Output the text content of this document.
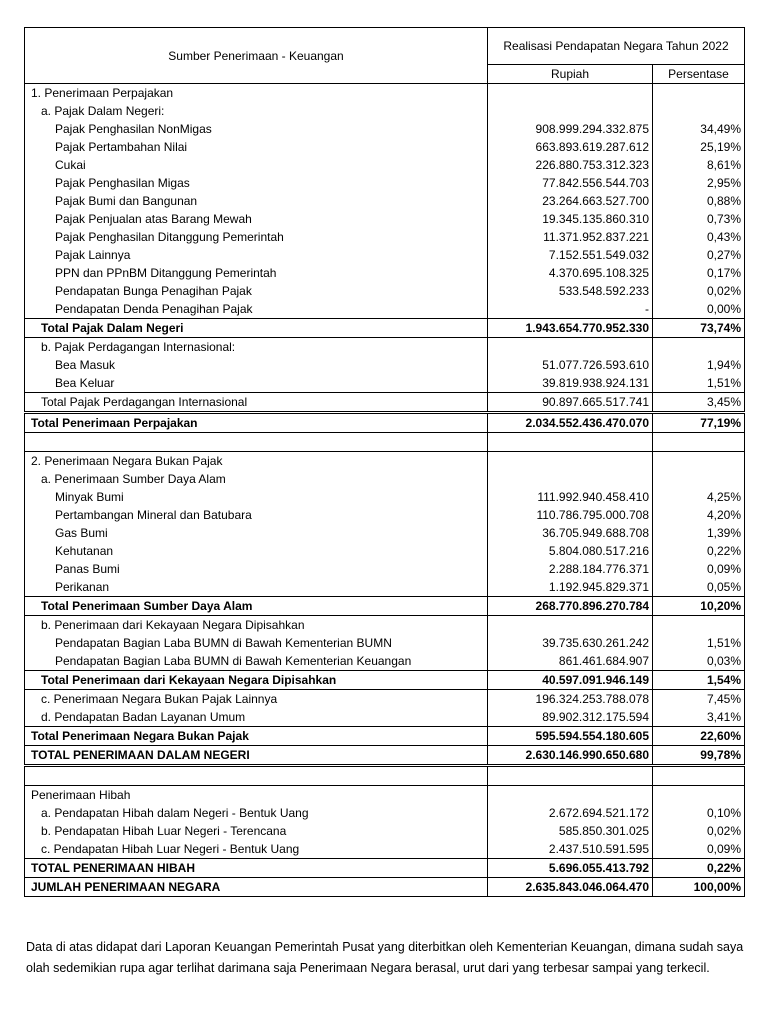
Sumber Penerimaan - Keuangan	Realisasi Pendapatan Negara Tahun 2022	
	Rupiah	Persentase
1. Penerimaan Perpajakan		
a. Pajak Dalam Negeri:		
Pajak Penghasilan NonMigas	908.999.294.332.875	34,49%
Pajak Pertambahan Nilai	663.893.619.287.612	25,19%
Cukai	226.880.753.312.323	8,61%
Pajak Penghasilan Migas	77.842.556.544.703	2,95%
Pajak Bumi dan Bangunan	23.264.663.527.700	0,88%
Pajak Penjualan atas Barang Mewah	19.345.135.860.310	0,73%
Pajak Penghasilan Ditanggung Pemerintah	11.371.952.837.221	0,43%
Pajak Lainnya	7.152.551.549.032	0,27%
PPN dan PPnBM Ditanggung Pemerintah	4.370.695.108.325	0,17%
Pendapatan Bunga Penagihan Pajak	533.548.592.233	0,02%
Pendapatan Denda Penagihan Pajak	-	0,00%
Total Pajak Dalam Negeri	1.943.654.770.952.330	73,74%
b. Pajak Perdagangan Internasional:		
Bea Masuk	51.077.726.593.610	1,94%
Bea Keluar	39.819.938.924.131	1,51%
Total Pajak Perdagangan Internasional	90.897.665.517.741	3,45%
Total Penerimaan Perpajakan	2.034.552.436.470.070	77,19%

2. Penerimaan Negara Bukan Pajak		
a. Penerimaan Sumber Daya Alam		
Minyak Bumi	111.992.940.458.410	4,25%
Pertambangan Mineral dan Batubara	110.786.795.000.708	4,20%
Gas Bumi	36.705.949.688.708	1,39%
Kehutanan	5.804.080.517.216	0,22%
Panas Bumi	2.288.184.776.371	0,09%
Perikanan	1.192.945.829.371	0,05%
Total Penerimaan Sumber Daya Alam	268.770.896.270.784	10,20%
b. Penerimaan dari Kekayaan Negara Dipisahkan		
Pendapatan Bagian Laba BUMN di Bawah Kementerian BUMN	39.735.630.261.242	1,51%
Pendapatan Bagian Laba BUMN di Bawah Kementerian Keuangan	861.461.684.907	0,03%
Total Penerimaan dari Kekayaan Negara Dipisahkan	40.597.091.946.149	1,54%
c. Penerimaan Negara Bukan Pajak Lainnya	196.324.253.788.078	7,45%
d. Pendapatan Badan Layanan Umum	89.902.312.175.594	3,41%
Total Penerimaan Negara Bukan Pajak	595.594.554.180.605	22,60%
TOTAL PENERIMAAN DALAM NEGERI	2.630.146.990.650.680	99,78%

Penerimaan Hibah		
a. Pendapatan Hibah dalam Negeri - Bentuk Uang	2.672.694.521.172	0,10%
b. Pendapatan Hibah Luar Negeri - Terencana	585.850.301.025	0,02%
c. Pendapatan Hibah Luar Negeri - Bentuk Uang	2.437.510.591.595	0,09%
TOTAL PENERIMAAN HIBAH	5.696.055.413.792	0,22%
JUMLAH PENERIMAAN NEGARA	2.635.843.046.064.470	100,00%
Data di atas didapat dari Laporan Keuangan Pemerintah Pusat yang diterbitkan oleh Kementerian Keuangan, dimana sudah saya olah sedemikian rupa agar terlihat darimana saja Penerimaan Negara berasal, urut dari yang terbesar sampai yang terkecil.
